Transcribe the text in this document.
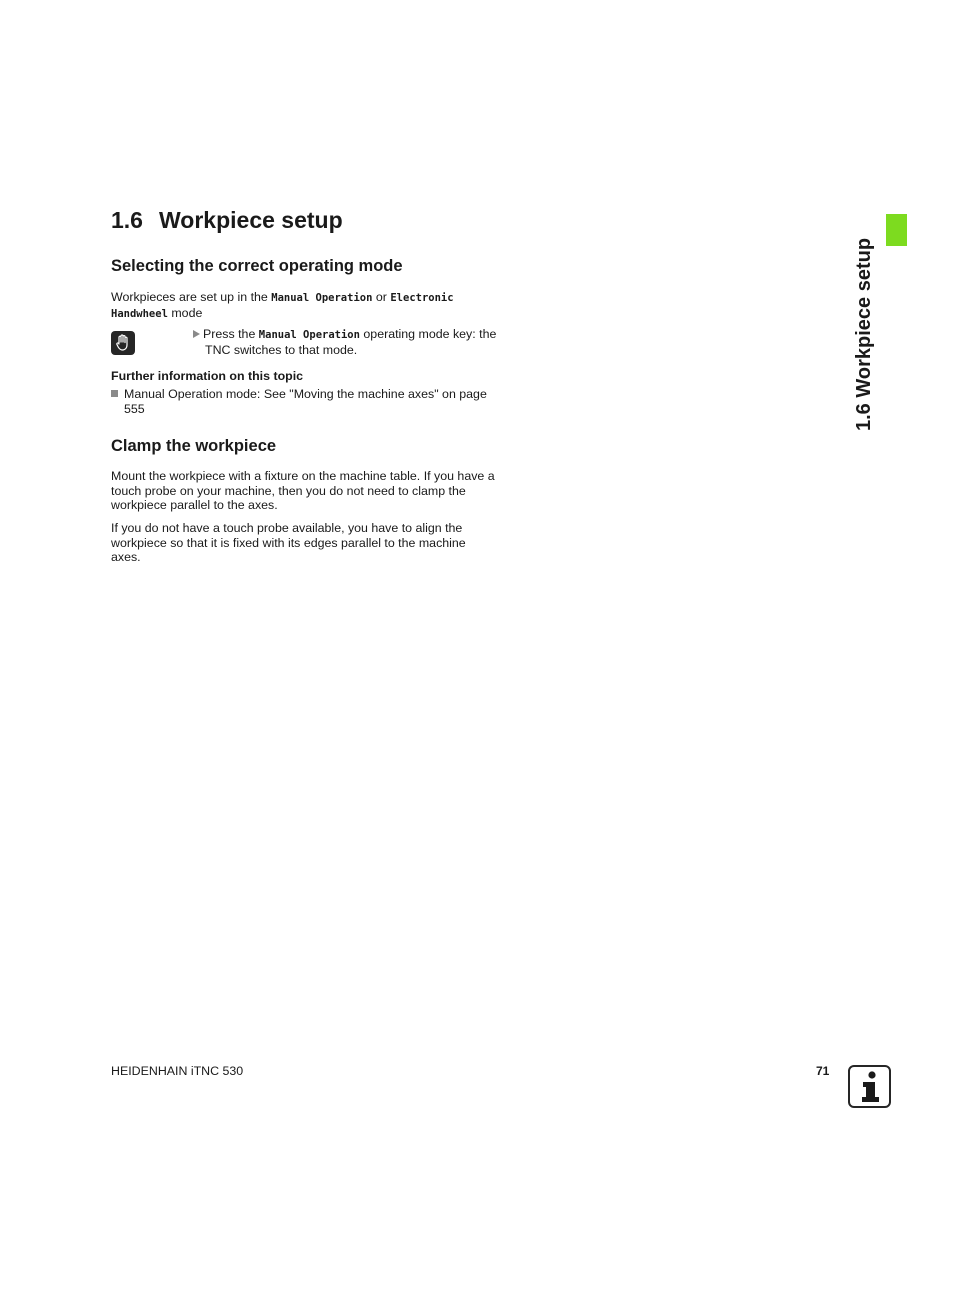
1.6 Workpiece setup
1.6 Workpiece setup
Selecting the correct operating mode

Workpieces are set up in the Manual Operation or Electronic
Handwheel mode

Press the Manual Operation operating mode key: the
TNC switches to that mode.

Further information on this topic

Manual Operation mode: See "Moving the machine axes" on page
555

Clamp the workpiece

Mount the workpiece with a fixture on the machine table. If you have a touch probe on your machine, then you do not need to clamp the workpiece parallel to the axes.

If you do not have a touch probe available, you have to align the workpiece so that it is fixed with its edges parallel to the machine axes.

HEIDENHAIN iTNC 530	71
